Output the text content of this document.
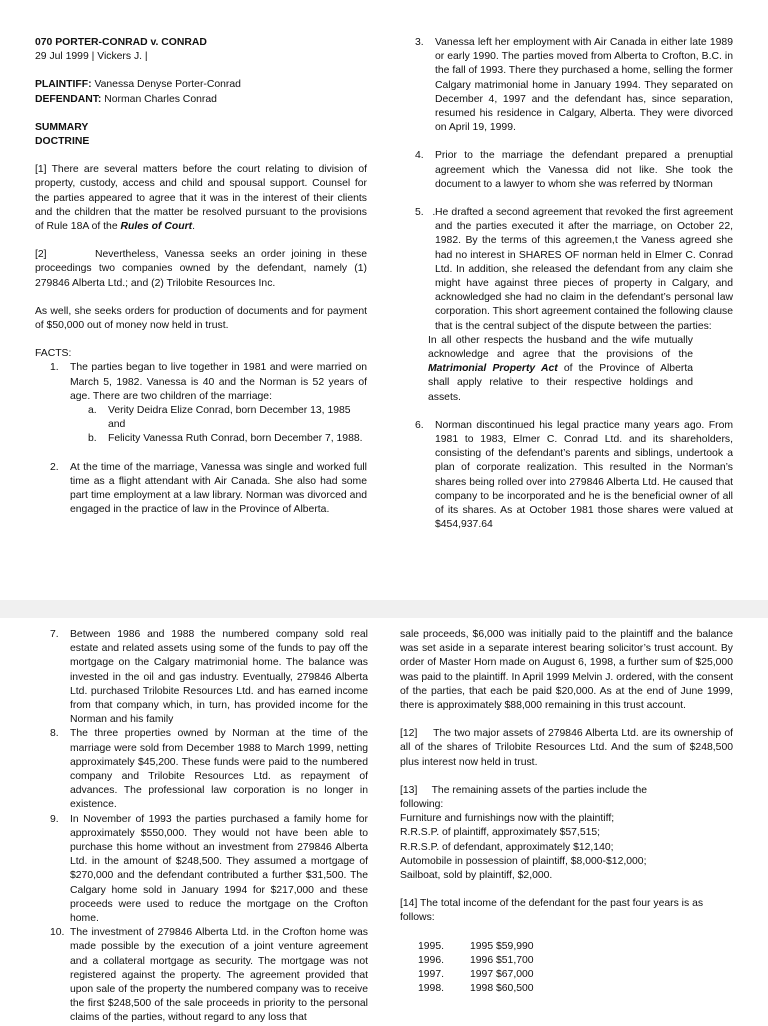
070 PORTER-CONRAD v. CONRAD

29 Jul 1999 | Vickers J. |

PLAINTIFF: Vanessa Denyse Porter-Conrad

DEFENDANT: Norman Charles Conrad

SUMMARY

DOCTRINE

[1] There are several matters before the court relating to division of property, custody, access and child and spousal support. Counsel for the parties appeared to agree that it was in the interest of their clients and the children that the matter be resolved pursuant to the provisions of Rule 18A of the Rules of Court.

[2]        Nevertheless, Vanessa seeks an order joining in these proceedings two companies owned by the defendant, namely (1) 279846 Alberta Ltd.; and (2) Trilobite Resources Inc.

As well, she seeks orders for production of documents and for payment of $50,000 out of money now held in trust.

FACTS:

1.	The parties began to live together in 1981 and were married on March 5, 1982. Vanessa is 40 and the Norman is 52 years of age. There are two children of the marriage:
a.	Verity Deidra Elize Conrad, born December 13, 1985 and
b.	Felicity Vanessa Ruth Conrad, born December 7, 1988.
2.	At the time of the marriage, Vanessa was single and worked full time as a flight attendant with Air Canada. She also had some part time employment at a law library. Norman was divorced and engaged in the practice of law in the Province of Alberta.
3.	Vanessa left her employment with Air Canada in either late 1989 or early 1990. The parties moved from Alberta to Crofton, B.C. in the fall of 1993. There they purchased a home, selling the former Calgary matrimonial home in January 1994. They separated on December 4, 1997 and the defendant has, since separation, resumed his residence in Calgary, Alberta. They were divorced on April 19, 1999.
4.	Prior to the marriage the defendant prepared a prenuptial agreement which the Vanessa did not like. She took the document to a lawyer to whom she was referred by tNorman
5.   . He drafted a second agreement that revoked the first agreement and the parties executed it after the marriage, on October 22, 1982. By the terms of this agreemen,t the Vaness agreed she had no interest in SHARES OF norman held in Elmer C. Conrad Ltd. In addition, she released the defendant from any claim she might have against three pieces of property in Calgary, and acknowledged she had no claim in the defendant’s personal law corporation. This short agreement contained the following clause that is the central subject of the dispute between the parties:

In all other respects the husband and the wife mutually acknowledge and agree that the provisions of the Matrimonial Property Act of the Province of Alberta shall apply relative to their respective holdings and assets.

6.	Norman discontinued his legal practice many years ago. From 1981 to 1983, Elmer C. Conrad Ltd. and its shareholders, consisting of the defendant’s parents and siblings, undertook a plan of corporate realization. This resulted in the Norman’s shares being rolled over into 279846 Alberta Ltd. He caused that company to be incorporated and he is the beneficial owner of all of its shares. As at October 1981 those shares were valued at $454,937.64
7.	Between 1986 and 1988 the numbered company sold real estate and related assets using some of the funds to pay off the mortgage on the Calgary matrimonial home. The balance was invested in the oil and gas industry. Eventually, 279846 Alberta Ltd. purchased Trilobite Resources Ltd. and has earned income from that company which, in turn, has provided income for the Norman and his family
8.	The three properties owned by Norman at the time of the marriage were sold from December 1988 to March 1999, netting approximately $45,200. These funds were paid to the numbered company and Trilobite Resources Ltd. as repayment of advances. The professional law corporation is no longer in existence.
9.	In November of 1993 the parties purchased a family home for approximately $550,000. They would not have been able to purchase this home without an investment from 279846 Alberta Ltd. in the amount of $248,500. They assumed a mortgage of $270,000 and the defendant contributed a further $31,500. The Calgary home sold in January 1994 for $217,000 and these proceeds were used to reduce the mortgage on the Crofton home.
10. The investment of 279846 Alberta Ltd. in the Crofton home was made possible by the execution of a joint venture agreement and a collateral mortgage as security. The mortgage was not registered against the property. The agreement provided that upon sale of the property the numbered company was to receive the first $248,500 of the sale proceeds in priority to the personal claims of the parties, without regard to any loss that

sale proceeds, $6,000 was initially paid to the plaintiff and the balance was set aside in a separate interest bearing solicitor’s trust account. By order of Master Horn made on August 6, 1998, a further sum of $25,000 was paid to the plaintiff. In April 1999 Melvin J. ordered, with the consent of the parties, that each be paid $20,000. As at the end of June 1999, there is approximately $88,000 remaining in this trust account.

[12]     The two major assets of 279846 Alberta Ltd. are its ownership of all of the shares of Trilobite Resources Ltd. And the sum of $248,500 plus interest now held in trust.

[13]     The remaining assets of the parties include the following:

Furniture and furnishings now with the plaintiff;

R.R.S.P. of plaintiff, approximately $57,515;

R.R.S.P. of defendant, approximately $12,140;

Automobile in possession of plaintiff, $8,000-$12,000;

Sailboat, sold by plaintiff, $2,000.

[14] The total income of the defendant for the past four years is as follows:

1995.	1995 $59,990
1996.	1996 $51,700
1997.	1997 $67,000
1998.	1998 $60,500
